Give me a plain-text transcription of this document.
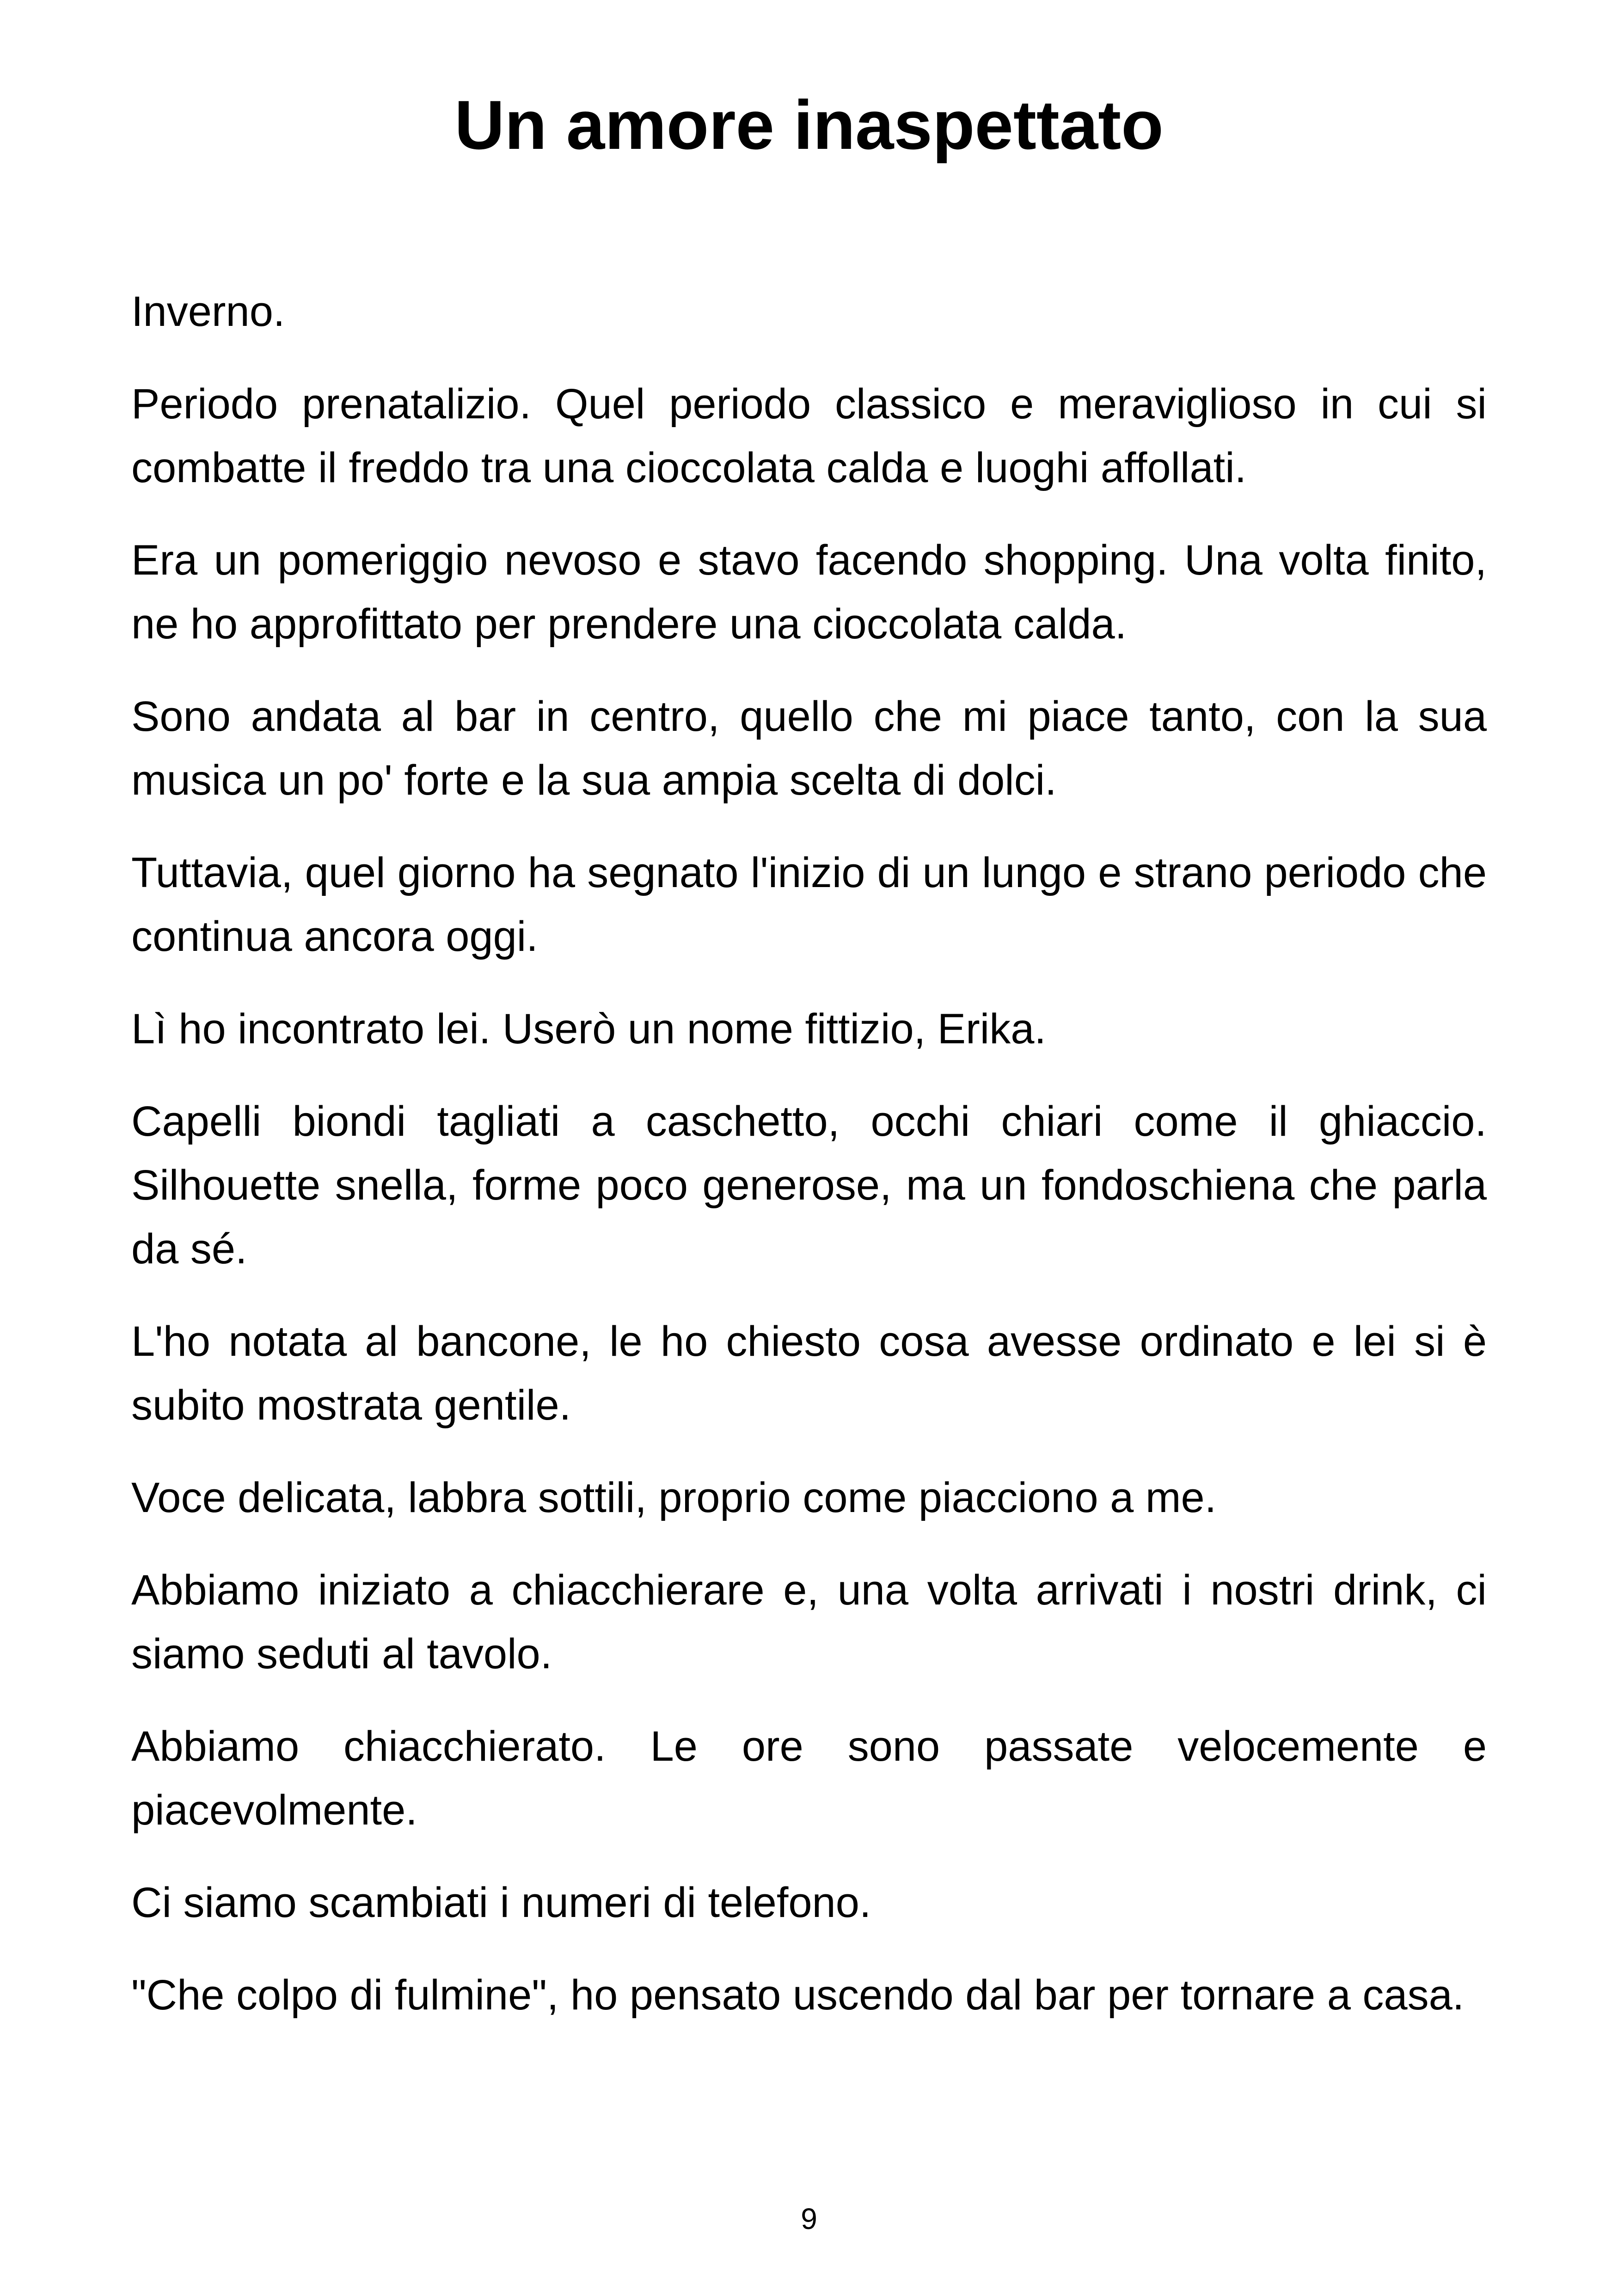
Un amore inaspettato

Inverno.

Periodo prenatalizio. Quel periodo classico e meraviglioso in cui si combatte il freddo tra una cioccolata calda e luoghi affollati.

Era un pomeriggio nevoso e stavo facendo shopping. Una volta finito, ne ho approfittato per prendere una cioccolata calda.

Sono andata al bar in centro, quello che mi piace tanto, con la sua musica un po' forte e la sua ampia scelta di dolci.

Tuttavia, quel giorno ha segnato l'inizio di un lungo e strano periodo che continua ancora oggi.

Lì ho incontrato lei. Userò un nome fittizio, Erika.

Capelli biondi tagliati a caschetto, occhi chiari come il ghiaccio. Silhouette snella, forme poco generose, ma un fondoschiena che parla da sé.

L'ho notata al bancone, le ho chiesto cosa avesse ordinato e lei si è subito mostrata gentile.

Voce delicata, labbra sottili, proprio come piacciono a me.

Abbiamo iniziato a chiacchierare e, una volta arrivati i nostri drink, ci siamo seduti al tavolo.

Abbiamo chiacchierato. Le ore sono passate velocemente e piacevolmente.

Ci siamo scambiati i numeri di telefono.

"Che colpo di fulmine", ho pensato uscendo dal bar per tornare a casa.

9
